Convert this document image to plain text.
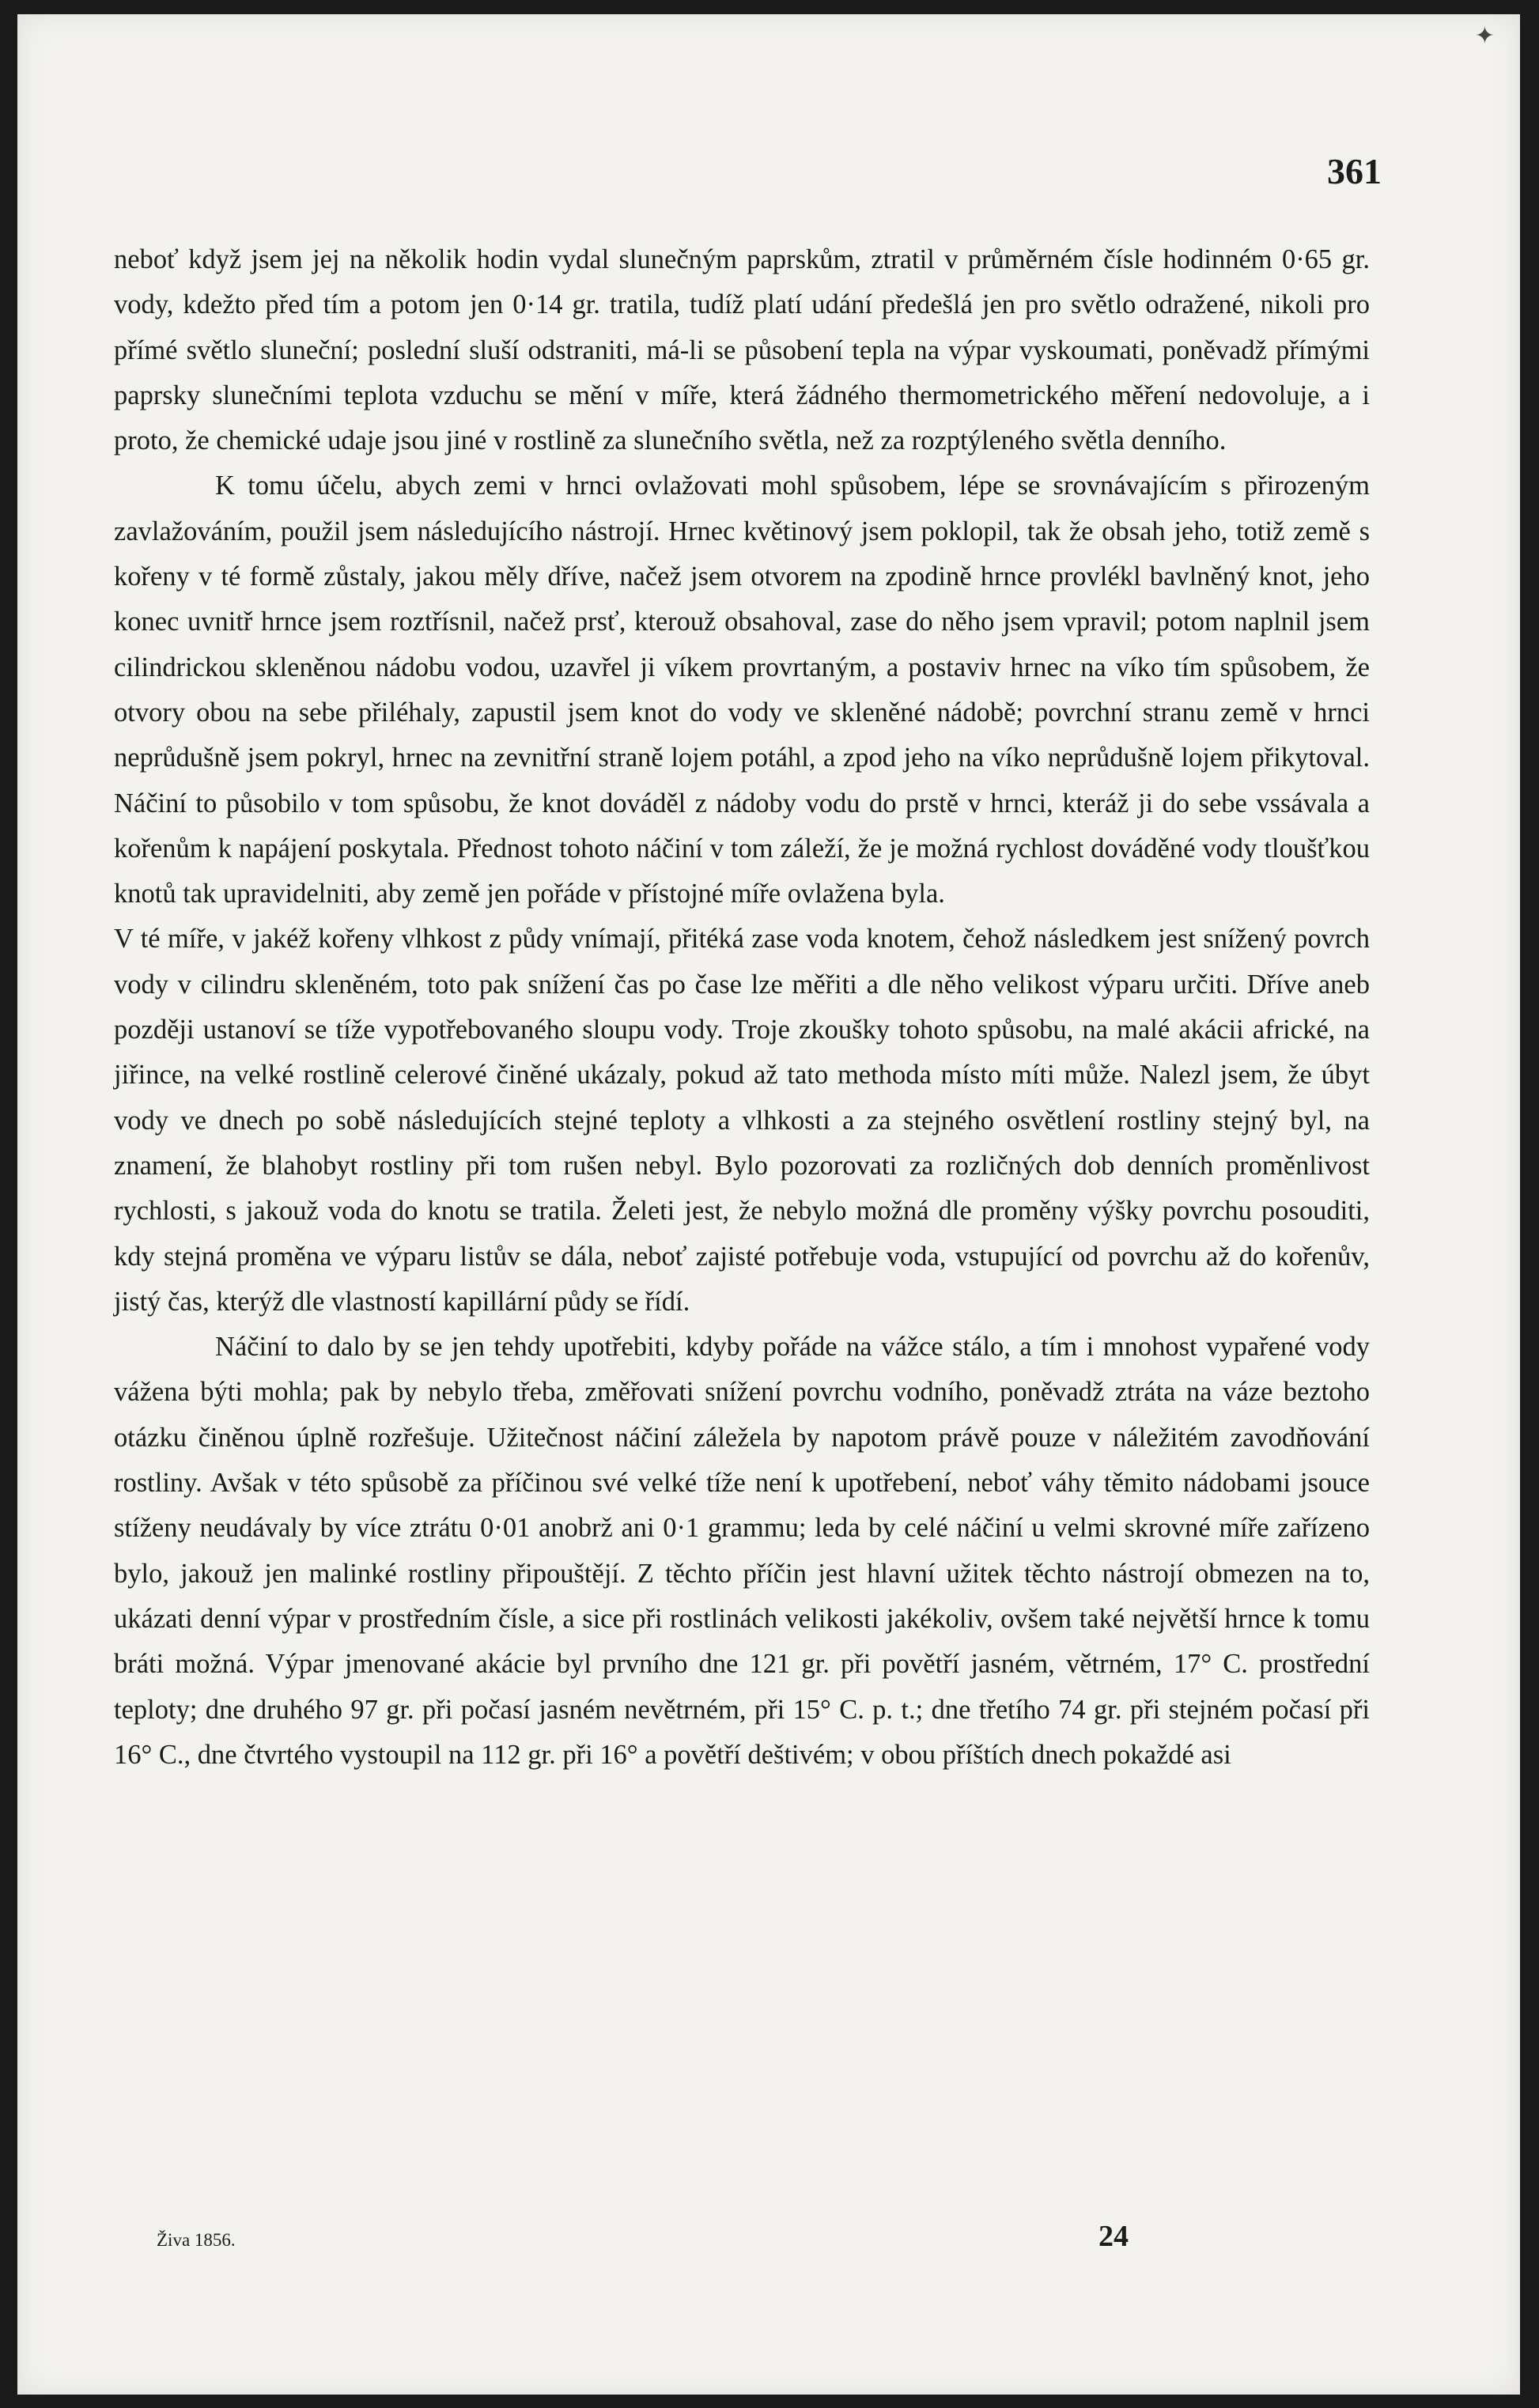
✦
361

neboť když jsem jej na několik hodin vydal slunečným paprskům, ztratil v průměrném čísle hodinném 0·65 gr. vody, kdežto před tím a potom jen 0·14 gr. tratila, tudíž platí udání předešlá jen pro světlo odražené, nikoli pro přímé světlo sluneční; poslední sluší odstraniti, má-li se působení tepla na výpar vyskoumati, poněvadž přímými paprsky slunečními teplota vzduchu se mění v míře, která žádného thermometrického měření nedovoluje, a i proto, že chemické udaje jsou jiné v rostlině za slunečního světla, než za rozptýleného světla denního.

K tomu účelu, abych zemi v hrnci ovlažovati mohl spůsobem, lépe se srovnávajícím s přirozeným zavlažováním, použil jsem následujícího nástrojí. Hrnec květinový jsem poklopil, tak že obsah jeho, totiž země s kořeny v té formě zůstaly, jakou měly dříve, načež jsem otvorem na zpodině hrnce provlékl bavlněný knot, jeho konec uvnitř hrnce jsem roztřísnil, načež prsť, kterouž obsahoval, zase do něho jsem vpravil; potom naplnil jsem cilindrickou skleněnou nádobu vodou, uzavřel ji víkem provrtaným, a postaviv hrnec na víko tím spůsobem, že otvory obou na sebe přiléhaly, zapustil jsem knot do vody ve skleněné nádobě; povrchní stranu země v hrnci neprůdušně jsem pokryl, hrnec na zevnitřní straně lojem potáhl, a zpod jeho na víko neprůdušně lojem přikytoval. Náčiní to působilo v tom spůsobu, že knot dováděl z nádoby vodu do prstě v hrnci, kteráž ji do sebe vssávala a kořenům k napájení poskytala. Přednost tohoto náčiní v tom záleží, že je možná rychlost dováděné vody tloušťkou knotů tak upravidelniti, aby země jen pořáde v přístojné míře ovlažena byla.

V té míře, v jakéž kořeny vlhkost z půdy vnímají, přitéká zase voda knotem, čehož následkem jest snížený povrch vody v cilindru skleněném, toto pak snížení čas po čase lze měřiti a dle něho velikost výparu určiti. Dříve aneb později ustanoví se tíže vypotřebovaného sloupu vody. Troje zkoušky tohoto spůsobu, na malé akácii africké, na jiřince, na velké rostlině celerové činěné ukázaly, pokud až tato methoda místo míti může. Nalezl jsem, že úbyt vody ve dnech po sobě následujících stejné teploty a vlhkosti a za stejného osvětlení rostliny stejný byl, na znamení, že blahobyt rostliny při tom rušen nebyl. Bylo pozorovati za rozličných dob denních proměnlivost rychlosti, s jakouž voda do knotu se tratila. Želeti jest, že nebylo možná dle proměny výšky povrchu posouditi, kdy stejná proměna ve výparu listův se dála, neboť zajisté potřebuje voda, vstupující od povrchu až do kořenův, jistý čas, kterýž dle vlastností kapillární půdy se řídí.

Náčiní to dalo by se jen tehdy upotřebiti, kdyby pořáde na vážce stálo, a tím i mnohost vypařené vody vážena býti mohla; pak by nebylo třeba, změřovati snížení povrchu vodního, poněvadž ztráta na váze beztoho otázku činěnou úplně rozřešuje. Užitečnost náčiní záležela by napotom právě pouze v náležitém zavodňování rostliny. Avšak v této spůsobě za příčinou své velké tíže není k upotřebení, neboť váhy těmito nádobami jsouce stíženy neudávaly by více ztrátu 0·01 anobrž ani 0·1 grammu; leda by celé náčiní u velmi skrovné míře zařízeno bylo, jakouž jen malinké rostliny připouštějí. Z těchto příčin jest hlavní užitek těchto nástrojí obmezen na to, ukázati denní výpar v prostředním čísle, a sice při rostlinách velikosti jakékoliv, ovšem také největší hrnce k tomu bráti možná. Výpar jmenované akácie byl prvního dne 121 gr. při povětří jasném, větrném, 17° C. prostřední teploty; dne druhého 97 gr. při počasí jasném nevětrném, při 15° C. p. t.; dne třetího 74 gr. při stejném počasí při 16° C., dne čtvrtého vystoupil na 112 gr. při 16° a povětří deštivém; v obou příštích dnech pokaždé asi

Živa 1856.	24
